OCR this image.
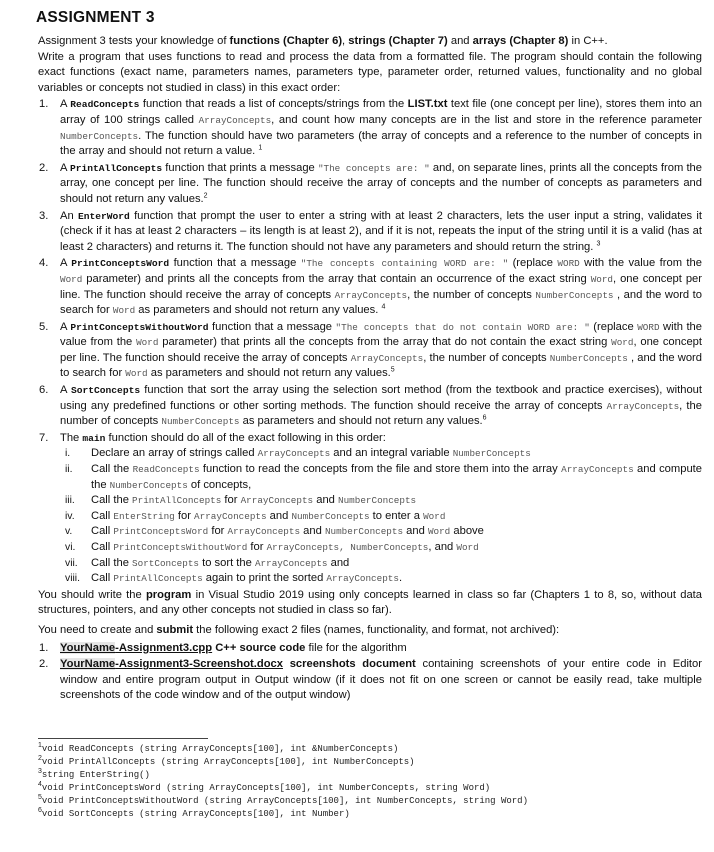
ASSIGNMENT 3

Assignment 3 tests your knowledge of functions (Chapter 6), strings (Chapter 7) and arrays (Chapter 8) in C++.

Write a program that uses functions to read and process the data from a formatted file. The program should contain the following exact functions (exact name, parameters names, parameters type, parameter order, returned values, functionality and no global variables or concepts not studied in class) in this exact order:

1. A ReadConcepts function that reads a list of concepts/strings from the LIST.txt text file (one concept per line), stores them into an array of 100 strings called ArrayConcepts, and count how many concepts are in the list and store in the reference parameter NumberConcepts. The function should have two parameters (the array of concepts and a reference to the number of concepts in the array and should not return a value. $^1$
2. A PrintAllConcepts function that prints a message "The concepts are: " and, on separate lines, prints all the concepts from the array, one concept per line. The function should receive the array of concepts and the number of concepts as parameters and should not return any values.$^2$
3. An EnterWord function that prompt the user to enter a string with at least 2 characters, lets the user input a string, validates it (check if it has at least 2 characters – its length is at least 2), and if it is not, repeats the input of the string until it is a valid (has at least 2 characters) and returns it. The function should not have any parameters and should return the string. $^3$
4. A PrintConceptsWord function that a message "The concepts containing WORD are: " (replace WORD with the value from the Word parameter) and prints all the concepts from the array that contain an occurrence of the exact string Word, one concept per line. The function should receive the array of concepts ArrayConcepts, the number of concepts NumberConcepts , and the word to search for Word as parameters and should not return any values. $^4$
5. A PrintConceptsWithoutWord function that a message "The concepts that do not contain WORD are: " (replace WORD with the value from the Word parameter) that prints all the concepts from the array that do not contain the exact string Word, one concept per line. The function should receive the array of concepts ArrayConcepts, the number of concepts NumberConcepts , and the word to search for Word as parameters and should not return any values.$^5$
6. A SortConcepts function that sort the array using the selection sort method (from the textbook and practice exercises), without using any predefined functions or other sorting methods. The function should receive the array of concepts ArrayConcepts, the number of concepts NumberConcepts as parameters and should not return any values.$^6$
7. The main function should do all of the exact following in this order:
i. Declare an array of strings called ArrayConcepts and an integral variable NumberConcepts
ii. Call the ReadConcepts function to read the concepts from the file and store them into the array ArrayConcepts and compute the NumberConcepts of concepts,
iii. Call the PrintAllConcepts for ArrayConcepts and NumberConcepts
iv. Call EnterString for ArrayConcepts and NumberConcepts to enter a Word
v. Call PrintConceptsWord for ArrayConcepts and NumberConcepts and Word above
vi. Call PrintConceptsWithoutWord for ArrayConcepts, NumberConcepts, and Word
vii. Call the SortConcepts to sort the ArrayConcepts and
viii. Call PrintAllConcepts again to print the sorted ArrayConcepts.

You should write the program in Visual Studio 2019 using only concepts learned in class so far (Chapters 1 to 8, so, without data structures, pointers, and any other concepts not studied in class so far).

You need to create and submit the following exact 2 files (names, functionality, and format, not archived):

1. YourName-Assignment3.cpp C++ source code file for the algorithm
2. YourName-Assignment3-Screenshot.docx screenshots document containing screenshots of your entire code in Editor window and entire program output in Output window (if it does not fit on one screen or cannot be easily read, take multiple screenshots of the code window and of the output window)
$^1$void ReadConcepts (string ArrayConcepts[100], int &NumberConcepts)
$^2$void PrintAllConcepts (string ArrayConcepts[100], int NumberConcepts)
$^3$string EnterString()
$^4$void PrintConceptsWord (string ArrayConcepts[100], int NumberConcepts, string Word)
$^5$void PrintConceptsWithoutWord (string ArrayConcepts[100], int NumberConcepts, string Word)
$^6$void SortConcepts (string ArrayConcepts[100], int Number)
